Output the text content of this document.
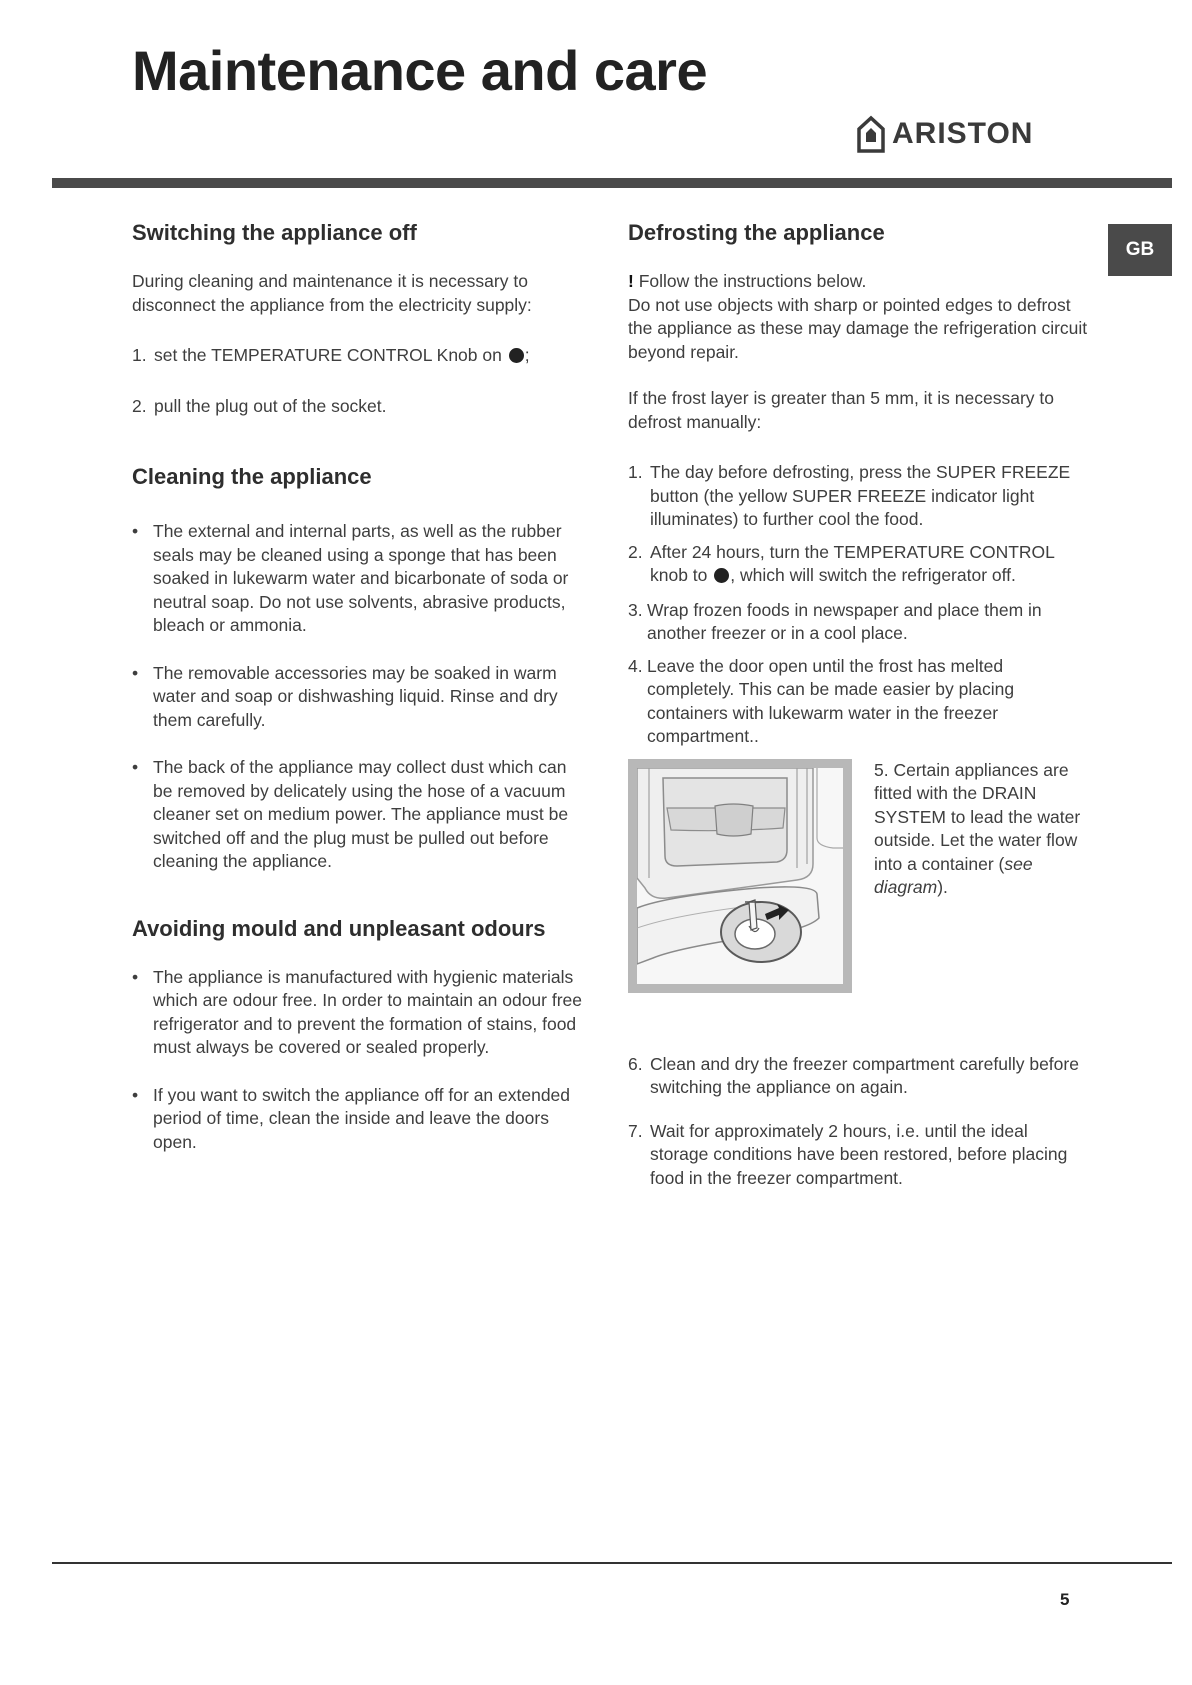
Maintenance and care
ARISTON
GB
Switching the appliance off

During cleaning and maintenance it is necessary to disconnect the appliance from the electricity supply:

1. set the TEMPERATURE CONTROL Knob on ;

2. pull the plug out of the socket.

Cleaning the appliance

• The external and internal parts, as well as the rubber seals may be cleaned using a sponge that has been soaked in lukewarm water and bicarbonate of soda or neutral soap. Do not use solvents, abrasive products, bleach or ammonia.

• The removable accessories may be soaked in warm water and soap or dishwashing liquid. Rinse and dry them carefully.

• The back of the appliance may collect dust which can be removed by delicately using the hose of a vacuum cleaner set on medium power. The appliance must be switched off and the plug must be pulled out before cleaning the appliance.

Avoiding mould and unpleasant odours

• The appliance is manufactured with hygienic materials which are odour free. In order to maintain an odour free refrigerator and to prevent the formation of stains, food must always be covered or sealed properly.

• If you want to switch the appliance off for an extended period of time, clean the inside and leave the doors open.

Defrosting the appliance

! Follow the instructions below.

Do not use objects with sharp or pointed edges to defrost the appliance as these may damage the refrigeration circuit beyond repair.

If the frost layer is greater than 5 mm, it is necessary to defrost manually:

1. The day before defrosting, press the SUPER FREEZE button (the yellow SUPER FREEZE indicator light illuminates) to further cool the food.

2. After 24 hours, turn the TEMPERATURE CONTROL knob to , which will switch the refrigerator off.

3. Wrap frozen foods in newspaper and place them in another freezer or in a cool place.

4. Leave the door open until the frost has melted completely. This can be made easier by placing containers with lukewarm water in the freezer compartment..

5. Certain appliances are fitted with the DRAIN SYSTEM to lead the water outside. Let the water flow into a container (see diagram).

6. Clean and dry the freezer compartment carefully before switching the appliance on again.

7. Wait for approximately 2 hours, i.e. until the ideal storage conditions have been restored, before placing food in the freezer compartment.

5
